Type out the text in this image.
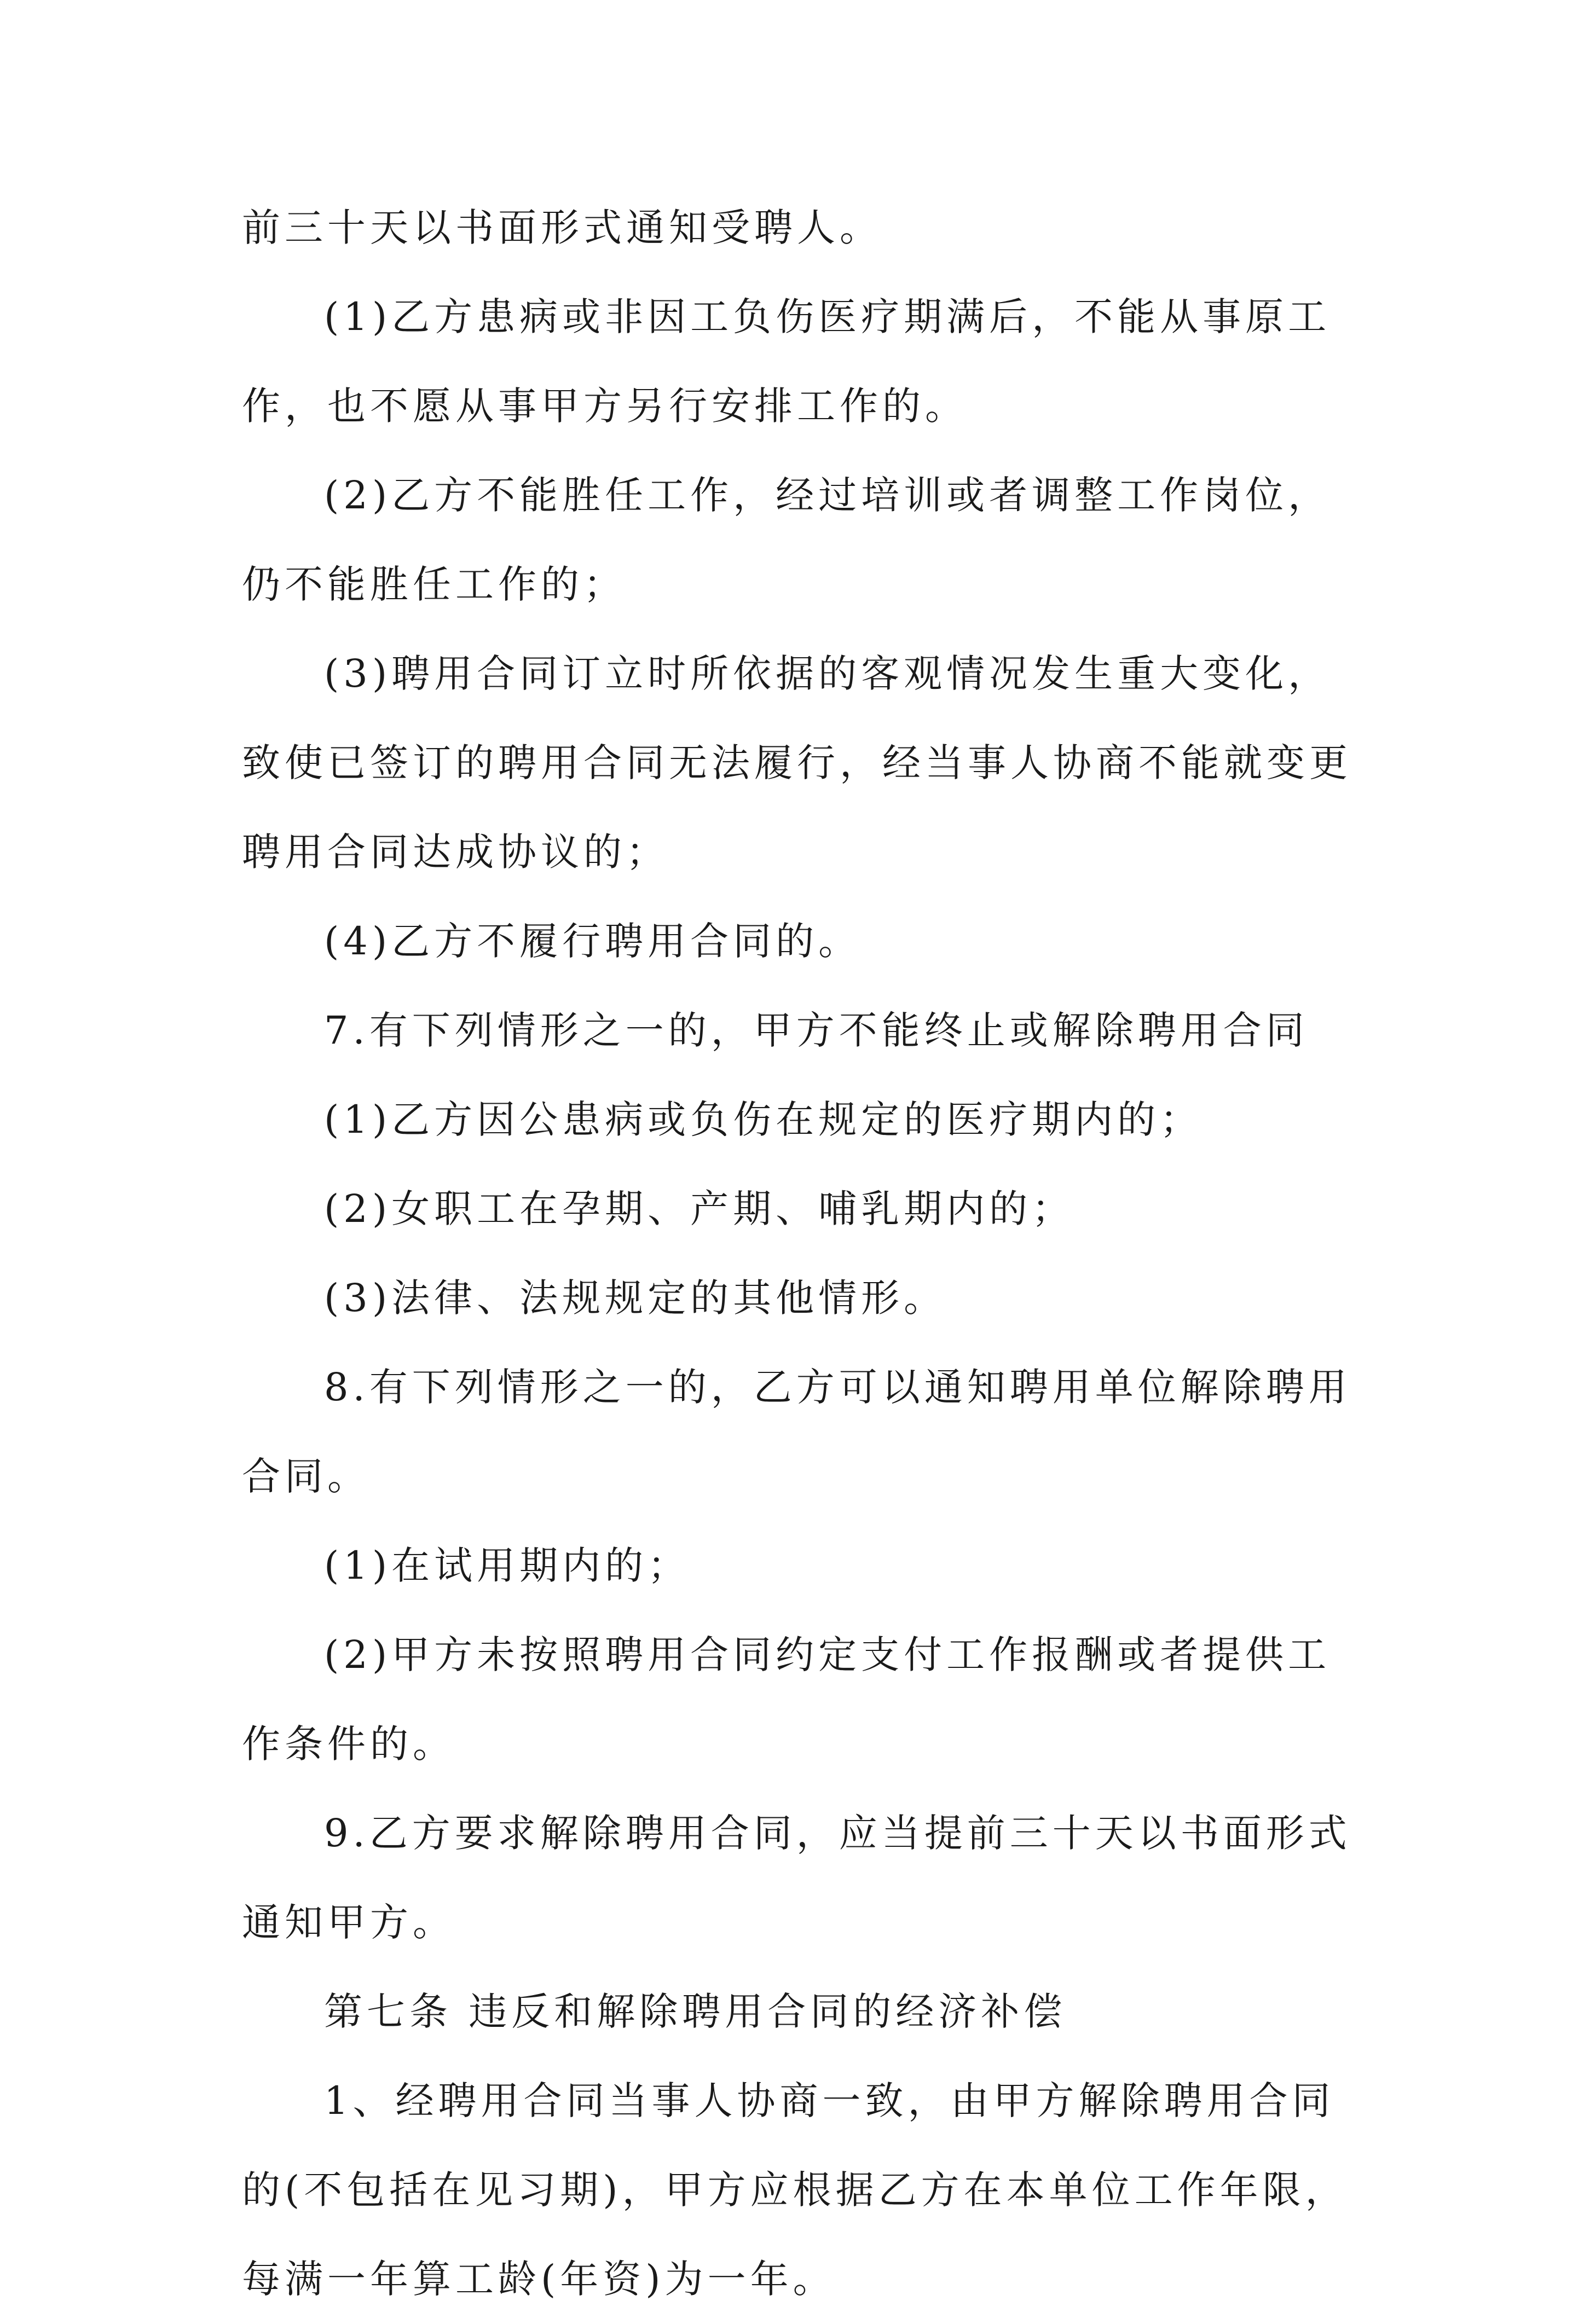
前三十天以书面形式通知受聘人。

(1)乙方患病或非因工负伤医疗期满后，不能从事原工作，也不愿从事甲方另行安排工作的。

(2)乙方不能胜任工作，经过培训或者调整工作岗位，仍不能胜任工作的；

(3)聘用合同订立时所依据的客观情况发生重大变化，致使已签订的聘用合同无法履行，经当事人协商不能就变更聘用合同达成协议的；

(4)乙方不履行聘用合同的。

7.有下列情形之一的，甲方不能终止或解除聘用合同

(1)乙方因公患病或负伤在规定的医疗期内的；

(2)女职工在孕期、产期、哺乳期内的；

(3)法律、法规规定的其他情形。

8.有下列情形之一的，乙方可以通知聘用单位解除聘用合同。

(1)在试用期内的；

(2)甲方未按照聘用合同约定支付工作报酬或者提供工作条件的。

9.乙方要求解除聘用合同，应当提前三十天以书面形式通知甲方。

第七条 违反和解除聘用合同的经济补偿

1、经聘用合同当事人协商一致，由甲方解除聘用合同的(不包括在见习期)，甲方应根据乙方在本单位工作年限，每满一年算工龄(年资)为一年。
